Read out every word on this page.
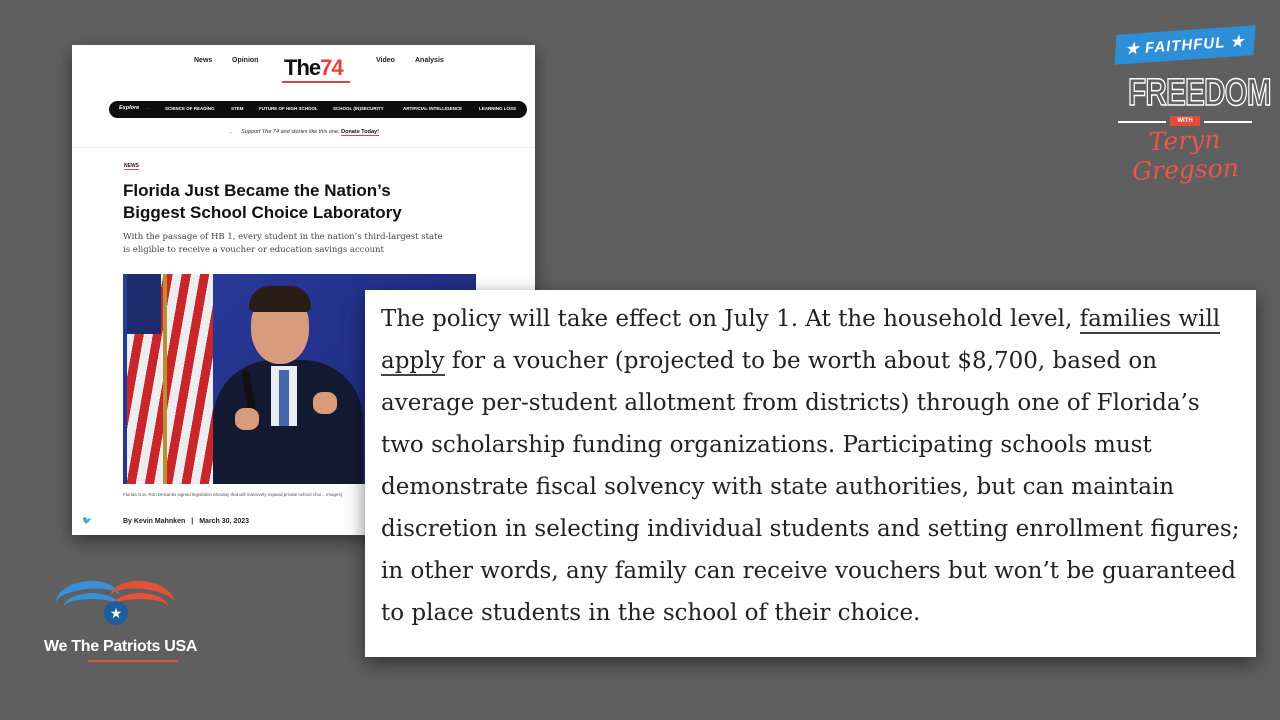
News	Opinion The74	Video	Analysis
Explore →	SCIENCE OF READING	STEM	FUTURE OF HIGH SCHOOL	SCHOOL (IN)SECURITY	ARTIFICIAL INTELLIGENCE	LEARNING LOSS
→ Support The 74 and stories like this one. Donate Today!
NEWS
Florida Just Became the Nation’s Biggest School Choice Laboratory
With the passage of HB 1, every student in the nation’s third-largest state is eligible to receive a voucher or education savings account
Florida Gov. Ron DeSantis signed legislation Monday that will massively expand private school choi... Images)
🐦	By Kevin Mahnken | March 30, 2023

The policy will take effect on July 1. At the household level, families will apply for a voucher (projected to be worth about $8,700, based on average per-student allotment from districts) through one of Florida’s two scholarship funding organizations. Participating schools must demonstrate fiscal solvency with state authorities, but can maintain discretion in selecting individual students and setting enrollment figures; in other words, any family can receive vouchers but won’t be guaranteed to place students in the school of their choice.

★ FAITHFUL ★
FREEDOM
WITH
Teryn Gregson
★
We The Patriots USA
